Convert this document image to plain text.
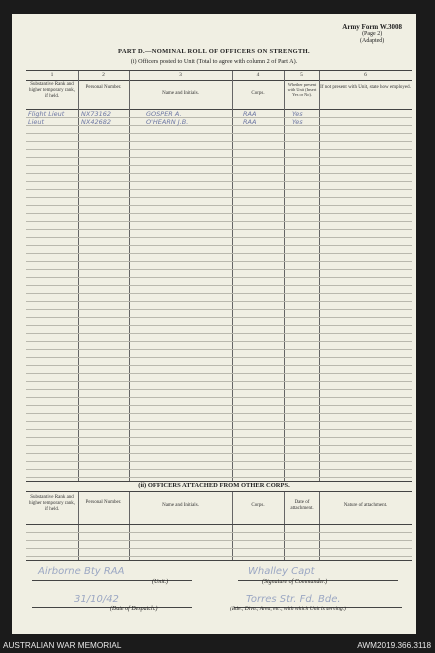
Army Form W.3008
(Page 2)
(Adapted)
PART D.—NOMINAL ROLL OF OFFICERS ON STRENGTH.
(i) Officers posted to Unit (Total to agree with column 2 of Part A).
1	2	3	4	5	6
Substantive Rank and higher temporary rank, if held.
Personal Number.
Name and Initials.	Corps.
Whether present with Unit (Insert Yes or No).
If not present with Unit, state how employed.
Flight Lieut	NX73162	GOSPER A.	RAA	Yes
Lieut	NX42682	O'HEARN J.B.	RAA	Yes
(ii) OFFICERS ATTACHED FROM OTHER CORPS.
Substantive Rank and higher temporary rank, if held.
Personal Number.
Name and Initials.	Corps.
Date of attachment.
Nature of attachment.
Airborne Bty RAA
(Unit.)
Whalley Capt
(Signature of Commander.)
31/10/42
(Date of Despatch.)
Torres Str. Fd. Bde.
(Bde., Divn., Area, etc., with which Unit is serving.)
AUSTRALIAN WAR MEMORIAL	AWM2019.366.3118
